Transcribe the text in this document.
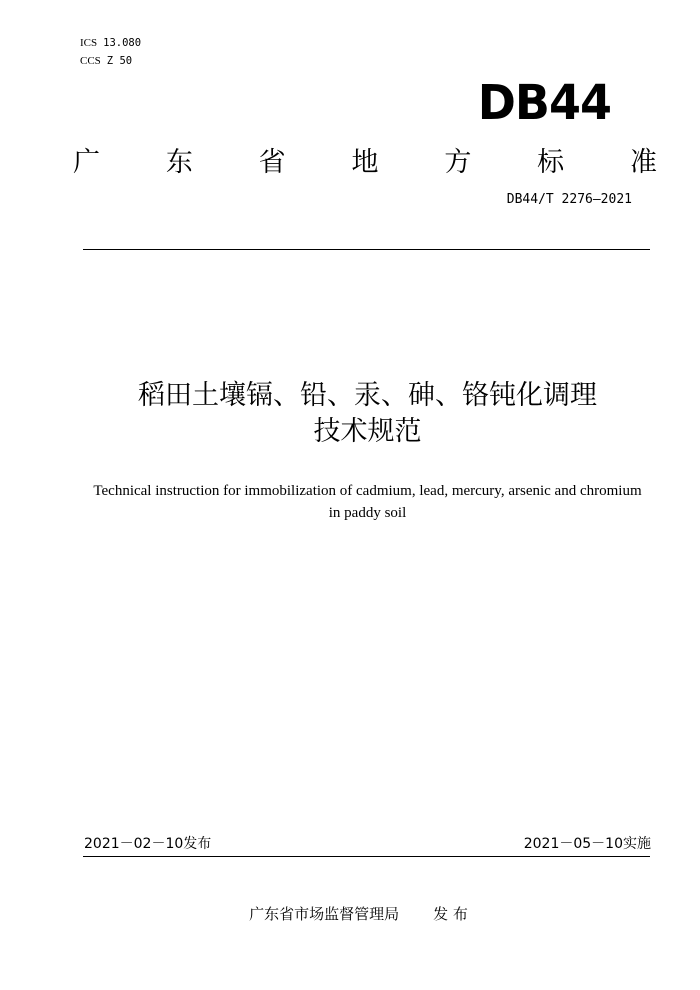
ICS 13.080
CCS Z 50
DB44
广 东 省 地 方 标 准
DB44/T 2276—2021
稻田土壤镉、铅、汞、砷、铬钝化调理
技术规范
Technical instruction for immobilization of cadmium, lead, mercury, arsenic and chromium in paddy soil
2021－02－10发布	2021－05－10实施
广东省市场监督管理局 发 布
